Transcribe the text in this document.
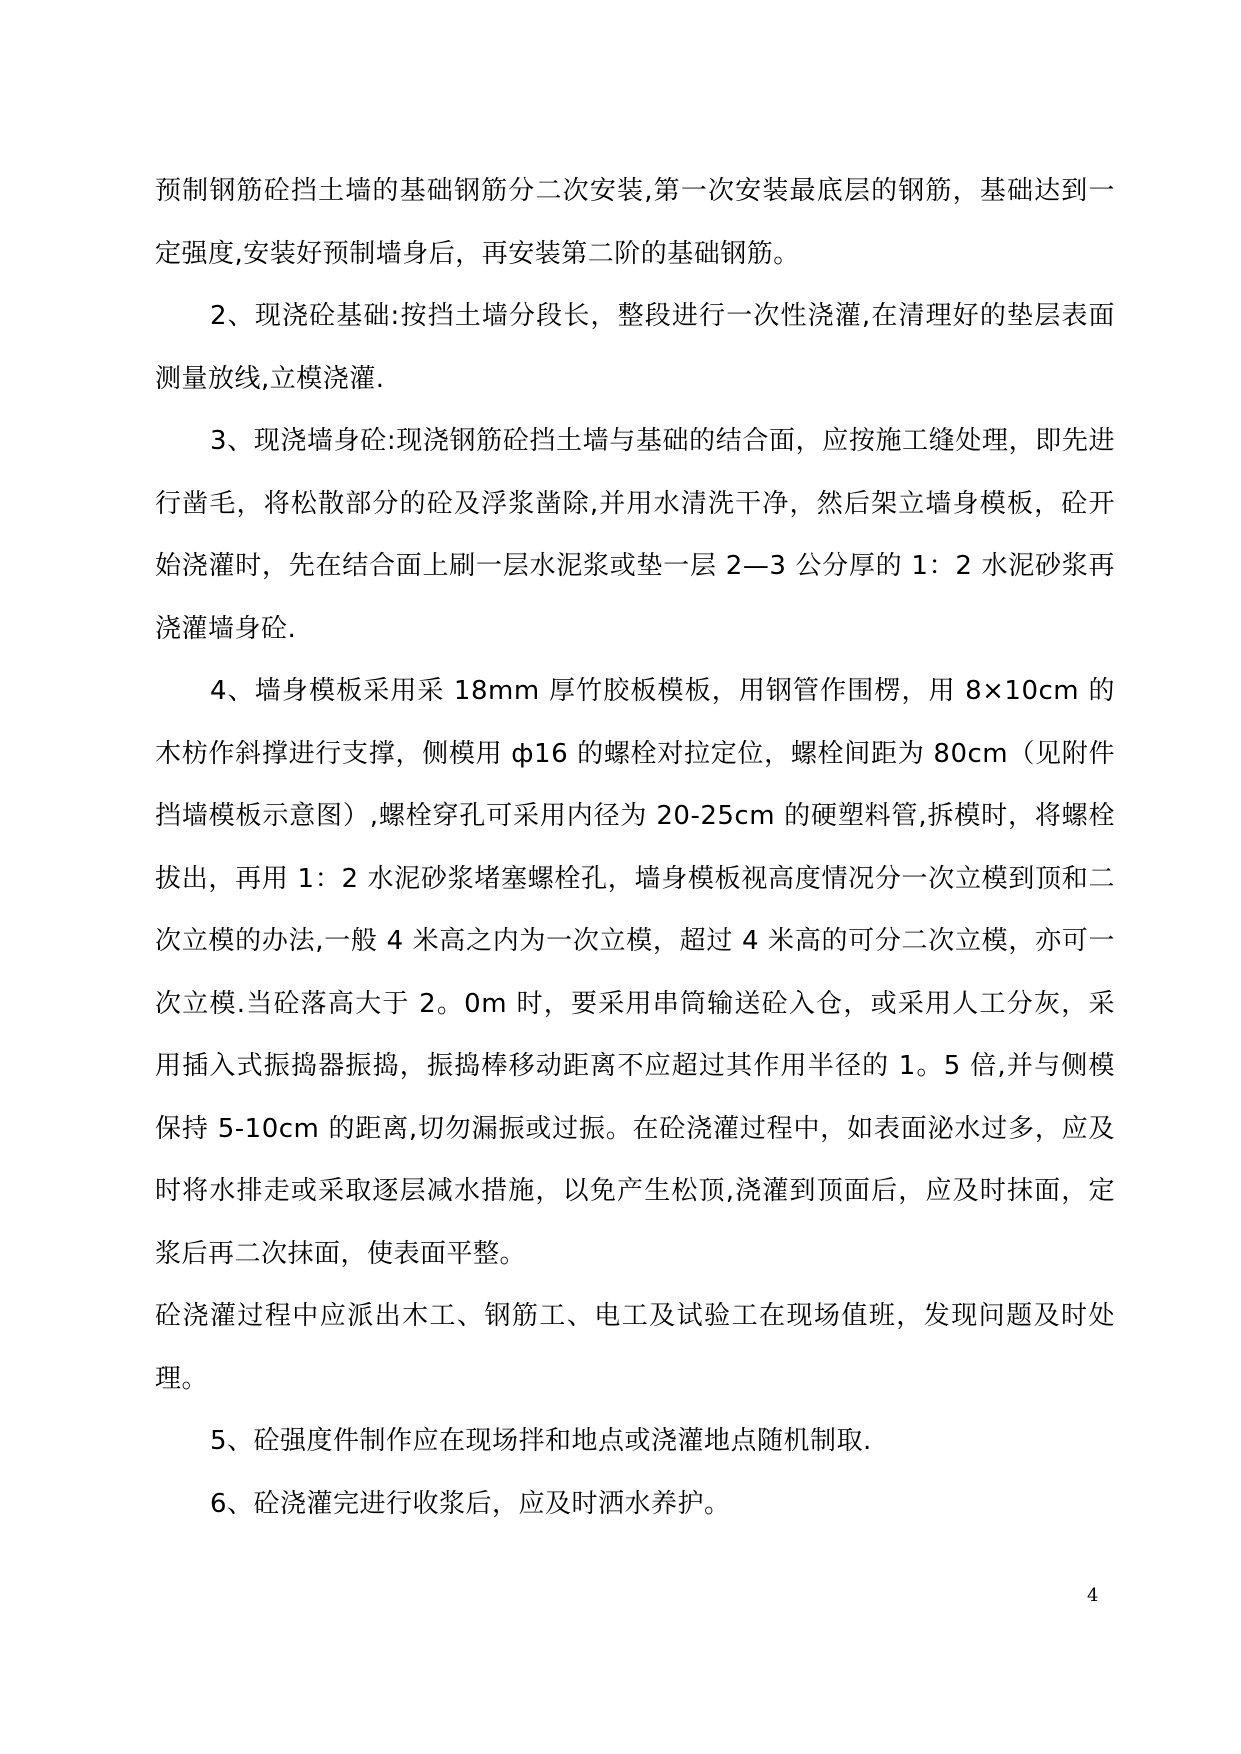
预制钢筋砼挡土墙的基础钢筋分二次安装,第一次安装最底层的钢筋，基础达到一定强度,安装好预制墙身后，再安装第二阶的基础钢筋。

2、现浇砼基础:按挡土墙分段长，整段进行一次性浇灌,在清理好的垫层表面测量放线,立模浇灌.

3、现浇墙身砼:现浇钢筋砼挡土墙与基础的结合面，应按施工缝处理，即先进行凿毛，将松散部分的砼及浮浆凿除,并用水清洗干净，然后架立墙身模板，砼开始浇灌时，先在结合面上刷一层水泥浆或垫一层 2—3 公分厚的 1：2 水泥砂浆再浇灌墙身砼.

4、墙身模板采用采 18mm 厚竹胶板模板，用钢管作围楞，用 8×10cm 的木枋作斜撑进行支撑，侧模用 ф16 的螺栓对拉定位，螺栓间距为 80cm（见附件挡墙模板示意图）,螺栓穿孔可采用内径为 20-25cm 的硬塑料管,拆模时，将螺栓拔出，再用 1：2 水泥砂浆堵塞螺栓孔，墙身模板视高度情况分一次立模到顶和二次立模的办法,一般 4 米高之内为一次立模，超过 4 米高的可分二次立模，亦可一次立模.当砼落高大于 2。0m 时，要采用串筒输送砼入仓，或采用人工分灰，采用插入式振捣器振捣，振捣棒移动距离不应超过其作用半径的 1。5 倍,并与侧模保持 5-10cm 的距离,切勿漏振或过振。在砼浇灌过程中，如表面泌水过多，应及时将水排走或采取逐层减水措施，以免产生松顶,浇灌到顶面后，应及时抹面，定浆后再二次抹面，使表面平整。

砼浇灌过程中应派出木工、钢筋工、电工及试验工在现场值班，发现问题及时处理。

5、砼强度件制作应在现场拌和地点或浇灌地点随机制取.

6、砼浇灌完进行收浆后，应及时洒水养护。

4
